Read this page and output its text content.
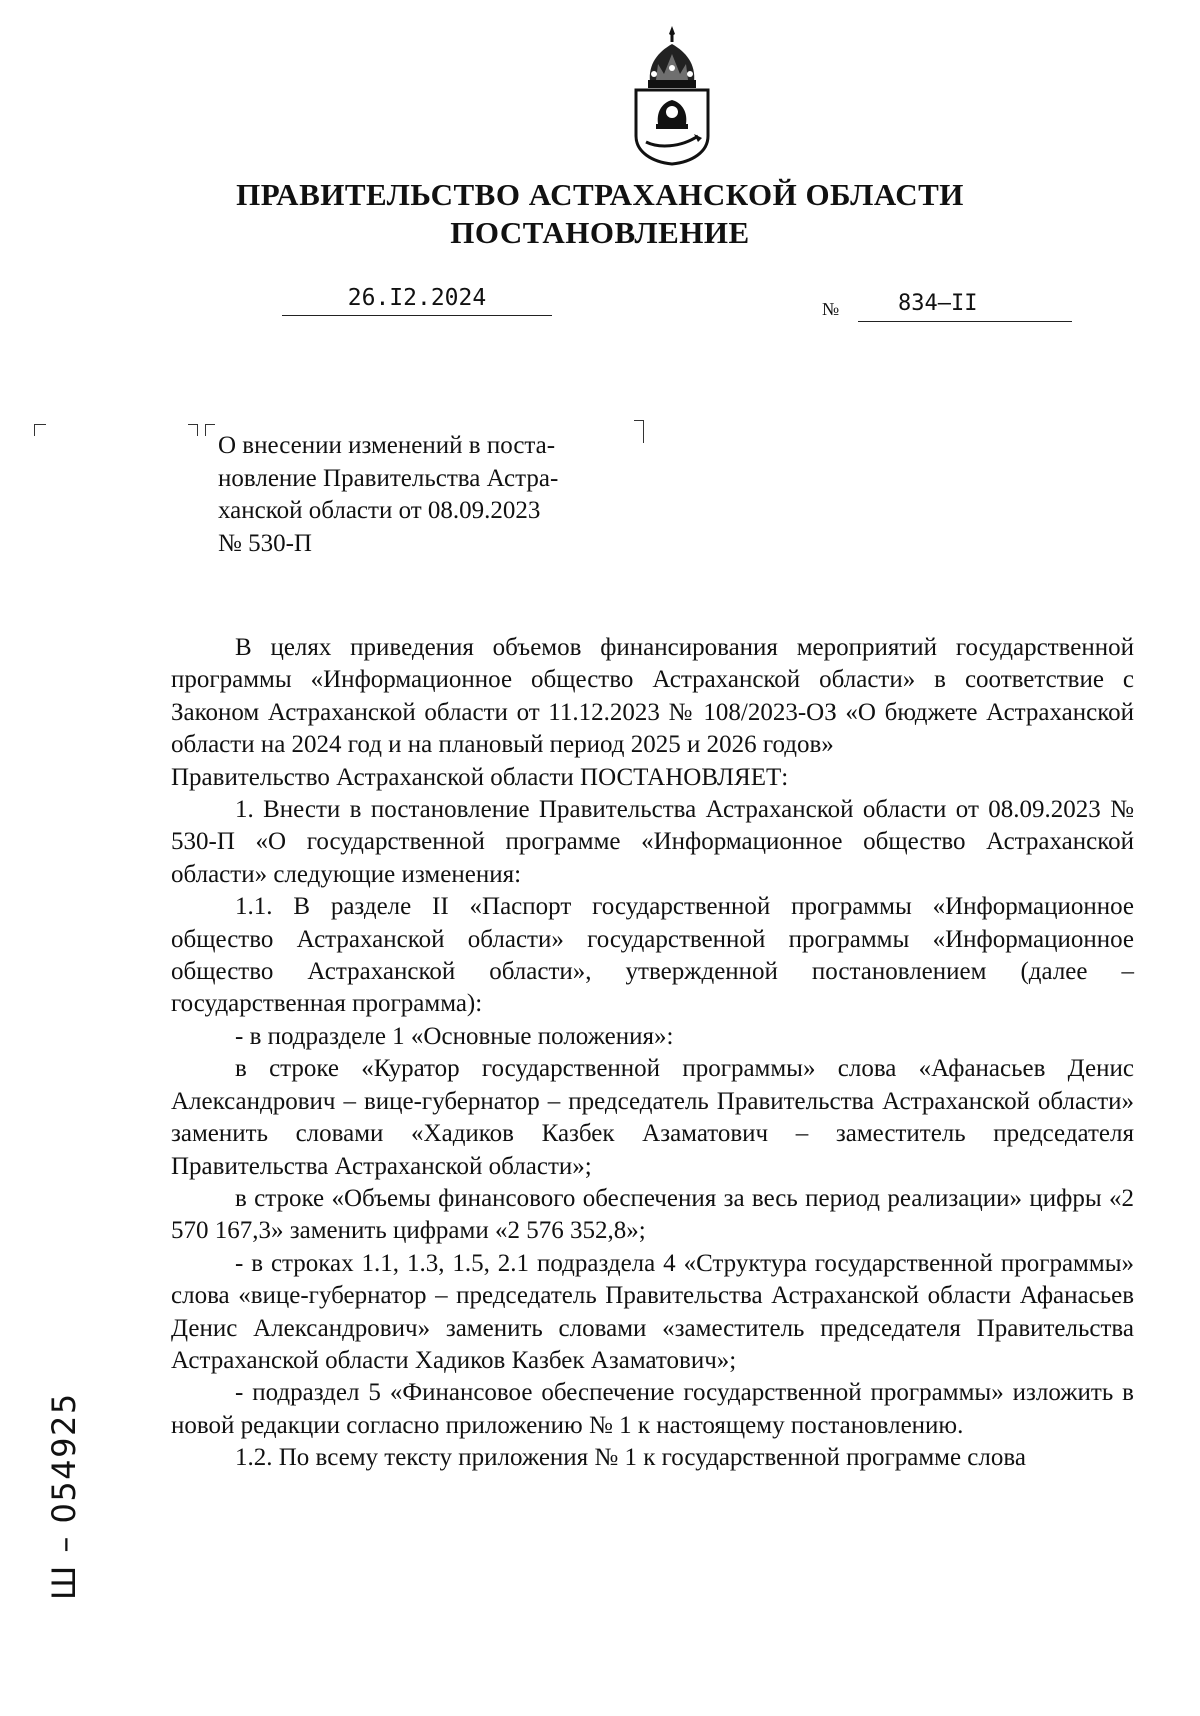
ПРАВИТЕЛЬСТВО АСТРАХАНСКОЙ ОБЛАСТИ
ПОСТАНОВЛЕНИЕ
26.I2.2024	№	834–II
О внесении изменений в поста-
новление Правительства Астра-
ханской области от 08.09.2023
№ 530-П

В целях приведения объемов финансирования мероприятий государственной программы «Информационное общество Астраханской области» в соответствие с Законом Астраханской области от 11.12.2023 № 108/2023-ОЗ «О бюджете Астраханской области на 2024 год и на плановый период 2025 и 2026 годов»

Правительство Астраханской области ПОСТАНОВЛЯЕТ:

1. Внести в постановление Правительства Астраханской области от 08.09.2023 № 530-П «О государственной программе «Информационное общество Астраханской области» следующие изменения:

1.1. В разделе II «Паспорт государственной программы «Информационное общество Астраханской области» государственной программы «Информационное общество Астраханской области», утвержденной постановлением (далее – государственная программа):

- в подразделе 1 «Основные положения»:

в строке «Куратор государственной программы» слова «Афанасьев Денис Александрович – вице-губернатор – председатель Правительства Астраханской области» заменить словами «Хадиков Казбек Азаматович – заместитель председателя Правительства Астраханской области»;

в строке «Объемы финансового обеспечения за весь период реализации» цифры «2 570 167,3» заменить цифрами «2 576 352,8»;

- в строках 1.1, 1.3, 1.5, 2.1 подраздела 4 «Структура государственной программы» слова «вице-губернатор – председатель Правительства Астраханской области Афанасьев Денис Александрович» заменить словами «заместитель председателя Правительства Астраханской области Хадиков Казбек Азаматович»;

- подраздел 5 «Финансовое обеспечение государственной программы» изложить в новой редакции согласно приложению № 1 к настоящему постановлению.

1.2. По всему тексту приложения № 1 к государственной программе слова

Ш – 054925
